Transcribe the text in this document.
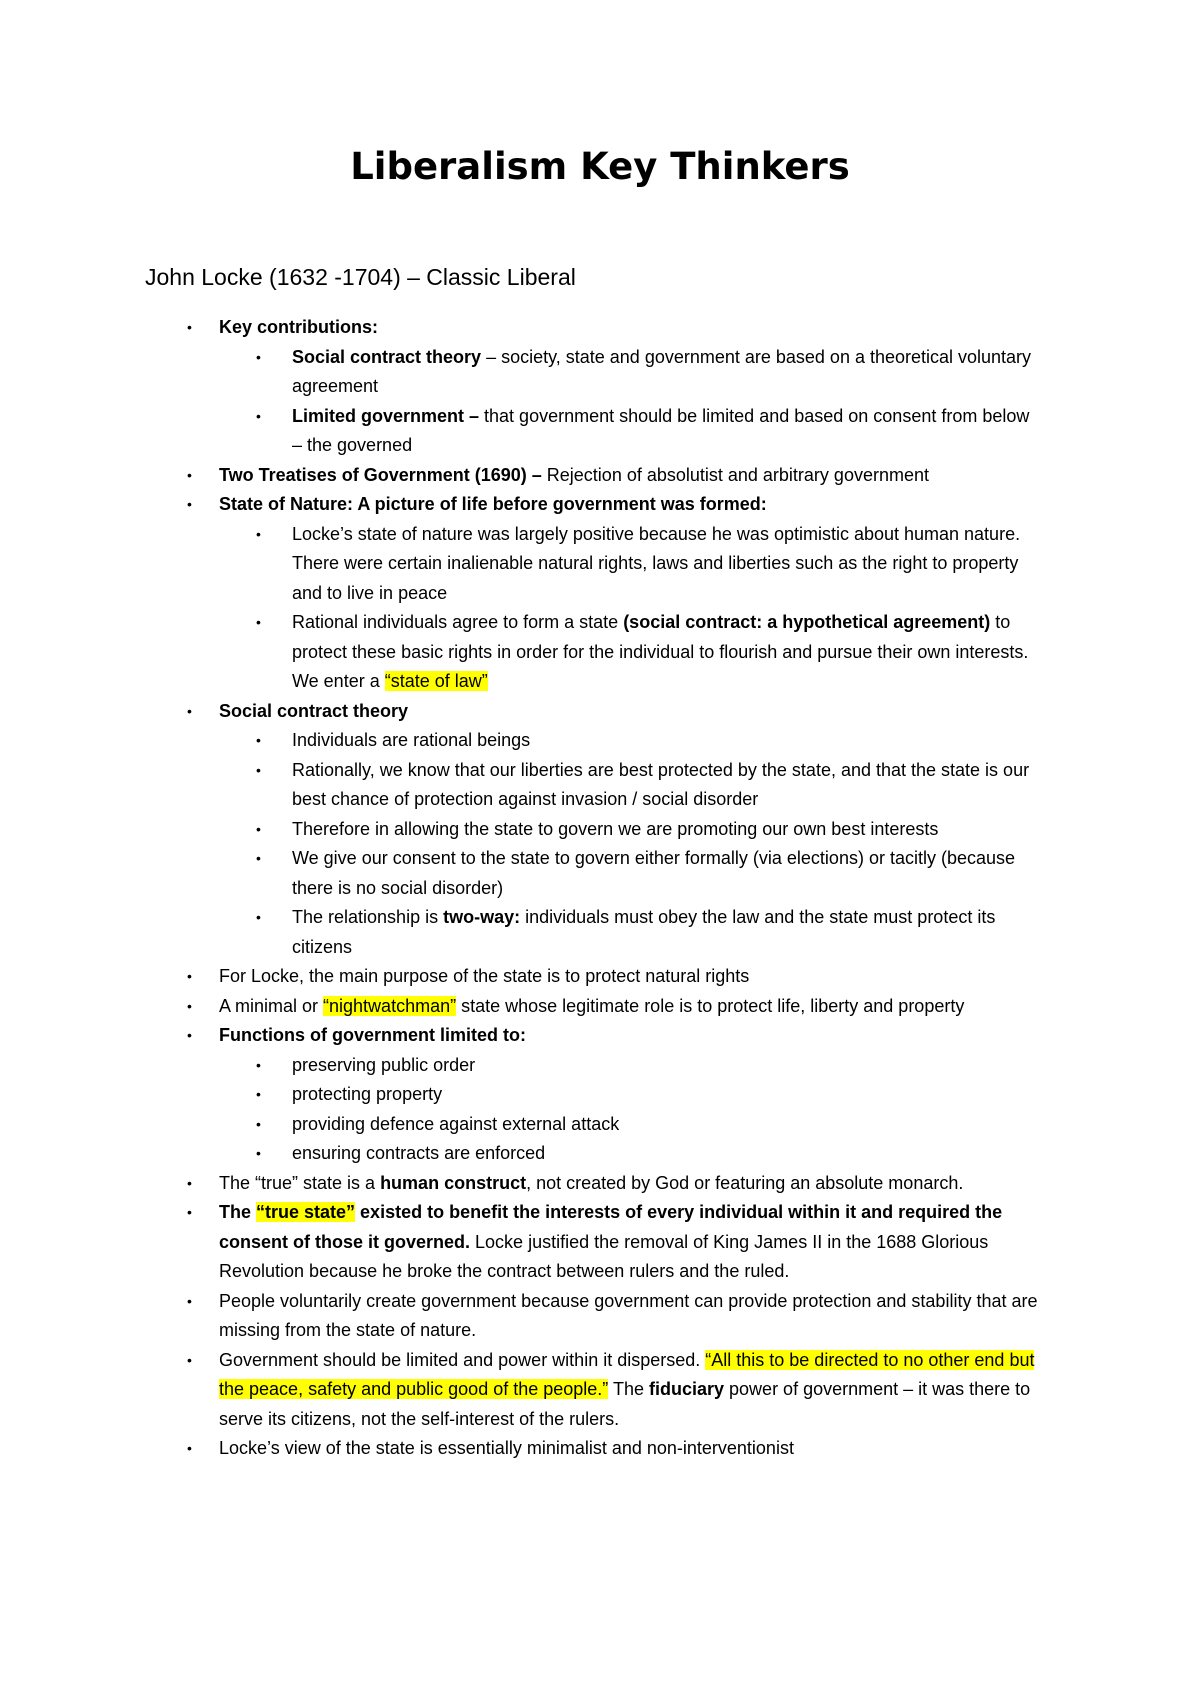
Liberalism Key Thinkers
John Locke (1632 -1704) – Classic Liberal
• Key contributions:
• Social contract theory – society, state and government are based on a theoretical voluntary agreement
• Limited government – that government should be limited and based on consent from below – the governed
• Two Treatises of Government (1690) – Rejection of absolutist and arbitrary government
• State of Nature: A picture of life before government was formed:
• Locke’s state of nature was largely positive because he was optimistic about human nature. There were certain inalienable natural rights, laws and liberties such as the right to property and to live in peace
• Rational individuals agree to form a state (social contract: a hypothetical agreement) to protect these basic rights in order for the individual to flourish and pursue their own interests. We enter a “state of law”
• Social contract theory
• Individuals are rational beings
• Rationally, we know that our liberties are best protected by the state, and that the state is our best chance of protection against invasion / social disorder
• Therefore in allowing the state to govern we are promoting our own best interests
• We give our consent to the state to govern either formally (via elections) or tacitly (because there is no social disorder)
• The relationship is two-way: individuals must obey the law and the state must protect its citizens
• For Locke, the main purpose of the state is to protect natural rights
• A minimal or “nightwatchman” state whose legitimate role is to protect life, liberty and property
• Functions of government limited to:
• preserving public order
• protecting property
• providing defence against external attack
• ensuring contracts are enforced
• The “true” state is a human construct, not created by God or featuring an absolute monarch.
• The “true state” existed to benefit the interests of every individual within it and required the consent of those it governed. Locke justified the removal of King James II in the 1688 Glorious Revolution because he broke the contract between rulers and the ruled.
• People voluntarily create government because government can provide protection and stability that are missing from the state of nature.
• Government should be limited and power within it dispersed. “All this to be directed to no other end but the peace, safety and public good of the people.” The fiduciary power of government – it was there to serve its citizens, not the self-interest of the rulers.
• Locke’s view of the state is essentially minimalist and non-interventionist
